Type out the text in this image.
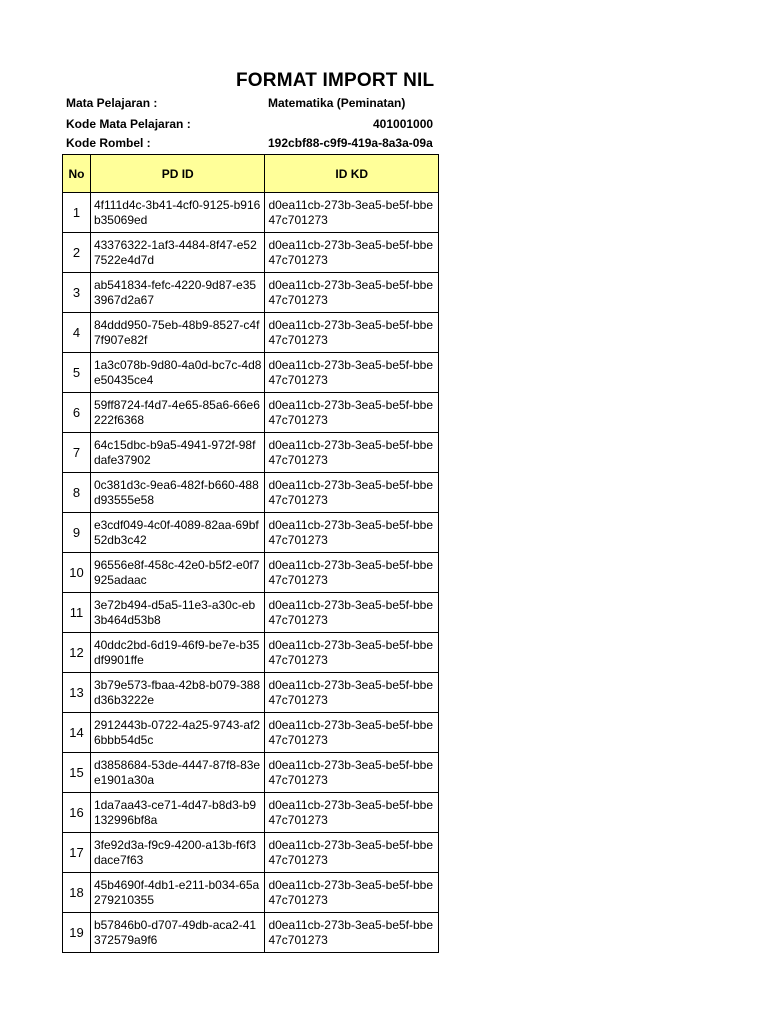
FORMAT IMPORT NIL
Mata Pelajaran :	Matematika (Peminatan)
Kode Mata Pelajaran :	401001000
Kode Rombel :	192cbf88-c9f9-419a-8a3a-09a
No	PD ID	ID KD
1	4f111d4c-3b41-4cf0-9125-b916b35069ed	d0ea11cb-273b-3ea5-be5f-bbe47c701273
2	43376322-1af3-4484-8f47-e527522e4d7d	d0ea11cb-273b-3ea5-be5f-bbe47c701273
3	ab541834-fefc-4220-9d87-e353967d2a67	d0ea11cb-273b-3ea5-be5f-bbe47c701273
4	84ddd950-75eb-48b9-8527-c4f7f907e82f	d0ea11cb-273b-3ea5-be5f-bbe47c701273
5	1a3c078b-9d80-4a0d-bc7c-4d8e50435ce4	d0ea11cb-273b-3ea5-be5f-bbe47c701273
6	59ff8724-f4d7-4e65-85a6-66e6222f6368	d0ea11cb-273b-3ea5-be5f-bbe47c701273
7	64c15dbc-b9a5-4941-972f-98fdafe37902	d0ea11cb-273b-3ea5-be5f-bbe47c701273
8	0c381d3c-9ea6-482f-b660-488d93555e58	d0ea11cb-273b-3ea5-be5f-bbe47c701273
9	e3cdf049-4c0f-4089-82aa-69bf52db3c42	d0ea11cb-273b-3ea5-be5f-bbe47c701273
10	96556e8f-458c-42e0-b5f2-e0f7925adaac	d0ea11cb-273b-3ea5-be5f-bbe47c701273
11	3e72b494-d5a5-11e3-a30c-eb3b464d53b8	d0ea11cb-273b-3ea5-be5f-bbe47c701273
12	40ddc2bd-6d19-46f9-be7e-b35df9901ffe	d0ea11cb-273b-3ea5-be5f-bbe47c701273
13	3b79e573-fbaa-42b8-b079-388d36b3222e	d0ea11cb-273b-3ea5-be5f-bbe47c701273
14	2912443b-0722-4a25-9743-af26bbb54d5c	d0ea11cb-273b-3ea5-be5f-bbe47c701273
15	d3858684-53de-4447-87f8-83ee1901a30a	d0ea11cb-273b-3ea5-be5f-bbe47c701273
16	1da7aa43-ce71-4d47-b8d3-b9132996bf8a	d0ea11cb-273b-3ea5-be5f-bbe47c701273
17	3fe92d3a-f9c9-4200-a13b-f6f3dace7f63	d0ea11cb-273b-3ea5-be5f-bbe47c701273
18	45b4690f-4db1-e211-b034-65a279210355	d0ea11cb-273b-3ea5-be5f-bbe47c701273
19	b57846b0-d707-49db-aca2-41372579a9f6	d0ea11cb-273b-3ea5-be5f-bbe47c701273
